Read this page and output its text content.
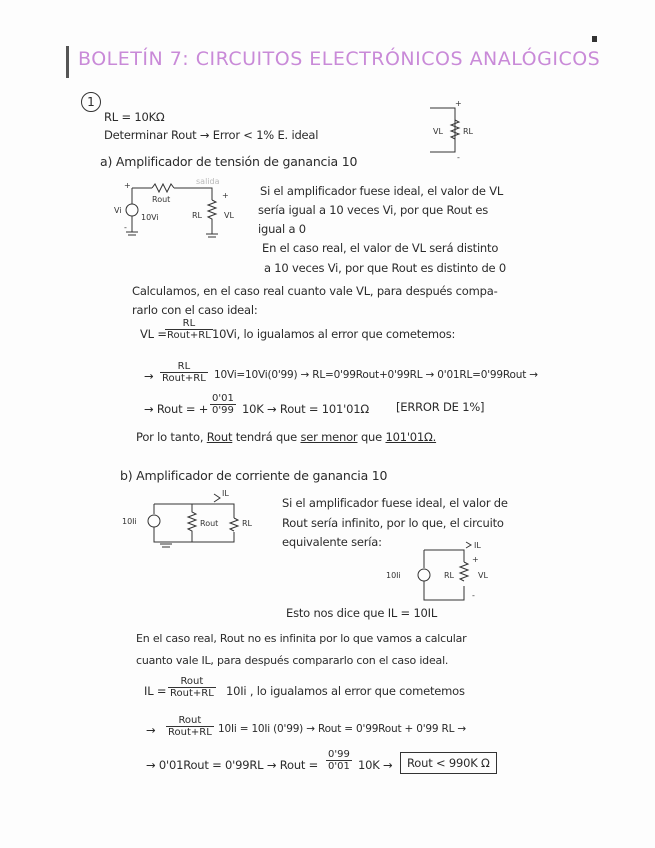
BOLETÍN 7: CIRCUITOS ELECTRÓNICOS ANALÓGICOS
1
RL = 10KΩ
Determinar Rout → Error < 1% E. ideal	VL	RL
+
-
a) Amplificador de tensión de ganancia 10
Rout
salida
Vi
10Vi	RL	VL
+
+
-
Si el amplificador fuese ideal, el valor de VL
sería igual a 10 veces Vi, por que Rout es
igual a 0
En el caso real, el valor de VL será distinto
a 10 veces Vi, por que Rout es distinto de 0
Calculamos, en el caso real cuanto vale VL, para después compa-
rarlo con el caso ideal:
VL =
RL
Rout+RL 10Vi, lo igualamos al error que cometemos:
→
RL
Rout+RL 10Vi=10Vi(0'99) → RL=0'99Rout+0'99RL → 0'01RL=0'99Rout →
→ Rout = + $\frac{0'01}{0'99} 10K$ → Rout = 101'01Ω [ERROR DE 1%]
Por lo tanto, Rout tendrá que ser menor que 101'01Ω.
b) Amplificador de corriente de ganancia 10
IL
10Ii	Rout	RL
Si el amplificador fuese ideal, el valor de
Rout sería infinito, por lo que, el circuito
equivalente sería:	IL
10Ii	RL	VL
+
-
Esto nos dice que IL = 10IL
En el caso real, Rout no es infinita por lo que vamos a calcular
cuanto vale IL, para después compararlo con el caso ideal.
IL =
Rout
Rout+RL 10Ii , lo igualamos al error que cometemos
→
Rout
Rout+RL 10Ii = 10Ii (0'99) → Rout = 0'99Rout + 0'99 RL →
→ 0'01Rout = 0'99RL → Rout = $\frac{0'99}{0'01} 10K$ →	Rout < 990K Ω
